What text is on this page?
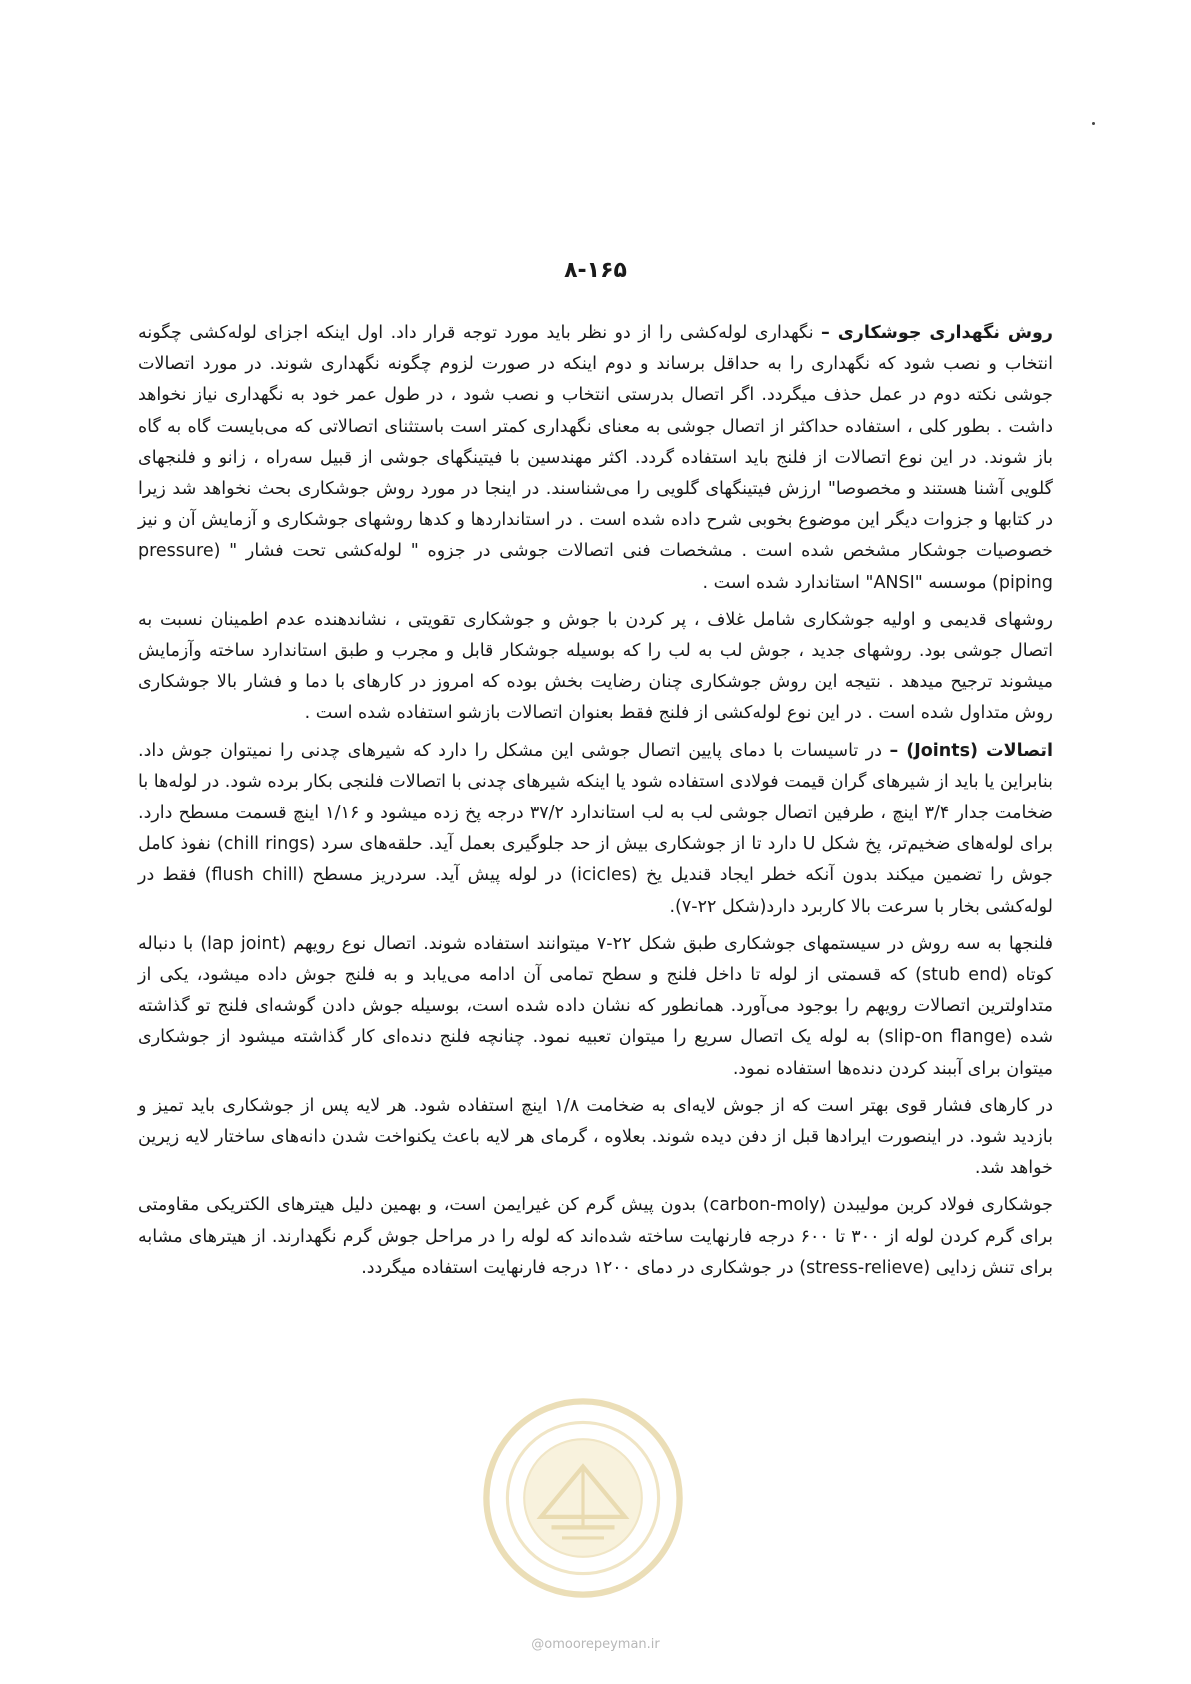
۸-۱۶۵

روش نگهداری جوشکاری – نگهداری لوله‌کشی را از دو نظر باید مورد توجه قرار داد. اول اینکه اجزای لوله‌کشی چگونه انتخاب و نصب شود که نگهداری را به حداقل برساند و دوم اینکه در صورت لزوم چگونه نگهداری شوند. در مورد اتصالات جوشی نکته دوم در عمل حذف میگردد. اگر اتصال بدرستی انتخاب و نصب شود ، در طول عمر خود به نگهداری نیاز نخواهد داشت . بطور کلی ، استفاده حداکثر از اتصال جوشی به معنای نگهداری کمتر است باستثنای اتصالاتی که می‌بایست گاه به گاه باز شوند. در این نوع اتصالات از فلنج باید استفاده گردد. اکثر مهندسین با فیتینگهای جوشی از قبیل سه‌راه ، زانو و فلنجهای گلویی آشنا هستند و مخصوصا" ارزش فیتینگهای گلویی را می‌شناسند. در اینجا در مورد روش جوشکاری بحث نخواهد شد زیرا در کتابها و جزوات دیگر این موضوع بخوبی شرح داده شده است . در استانداردها و کدها روشهای جوشکاری و آزمایش آن و نیز خصوصیات جوشکار مشخص شده است . مشخصات فنی اتصالات جوشی در جزوه " لوله‌کشی تحت فشار " (pressure piping) موسسه "ANSI" استاندارد شده است .

روشهای قدیمی و اولیه جوشکاری شامل غلاف ، پر کردن با جوش و جوشکاری تقویتی ، نشاندهنده عدم اطمینان نسبت به اتصال جوشی بود. روشهای جدید ، جوش لب به لب را که بوسیله جوشکار قابل و مجرب و طبق استاندارد ساخته وآزمایش میشوند ترجیح میدهد . نتیجه این روش جوشکاری چنان رضایت بخش بوده که امروز در کارهای با دما و فشار بالا جوشکاری روش متداول شده است . در این نوع لوله‌کشی از فلنج فقط بعنوان اتصالات بازشو استفاده شده است .

اتصالات (Joints) – در تاسیسات با دمای پایین اتصال جوشی این مشکل را دارد که شیرهای چدنی را نمیتوان جوش داد. بنابراین یا باید از شیرهای گران قیمت فولادی استفاده شود یا اینکه شیرهای چدنی با اتصالات فلنجی بکار برده شود. در لوله‌ها با ضخامت جدار ۳/۴ اینچ ، طرفین اتصال جوشی لب به لب استاندارد ۳۷/۲ درجه پخ زده میشود و ۱/۱۶ اینچ قسمت مسطح دارد. برای لوله‌های ضخیم‌تر، پخ شکل U دارد تا از جوشکاری بیش از حد جلوگیری بعمل آید. حلقه‌های سرد (chill rings) نفوذ کامل جوش را تضمین میکند بدون آنکه خطر ایجاد قندیل یخ (icicles) در لوله پیش آید. سردریز مسطح (flush chill) فقط در لوله‌کشی بخار با سرعت بالا کاربرد دارد(شکل ۲۲-۷).

فلنجها به سه روش در سیستمهای جوشکاری طبق شکل ۲۲-۷ میتوانند استفاده شوند. اتصال نوع رویهم (lap joint) با دنباله کوتاه (stub end) که قسمتی از لوله تا داخل فلنج و سطح تمامی آن ادامه می‌یابد و به فلنج جوش داده میشود، یکی از متداولترین اتصالات رویهم را بوجود می‌آورد. همانطور که نشان داده شده است، بوسیله جوش دادن گوشه‌ای فلنج تو گذاشته شده (slip-on flange) به لوله یک اتصال سریع را میتوان تعبیه نمود. چنانچه فلنج دنده‌ای کار گذاشته میشود از جوشکاری میتوان برای آببند کردن دنده‌ها استفاده نمود.

در کارهای فشار قوی بهتر است که از جوش لایه‌ای به ضخامت ۱/۸ اینچ استفاده شود. هر لایه پس از جوشکاری باید تمیز و بازدید شود. در اینصورت ایرادها قبل از دفن دیده شوند. بعلاوه ، گرمای هر لایه باعث یکنواخت شدن دانه‌های ساختار لایه زیرین خواهد شد.

جوشکاری فولاد کربن مولیبدن (carbon-moly) بدون پیش گرم کن غیرایمن است، و بهمین دلیل هیترهای الکتریکی مقاومتی برای گرم کردن لوله از ۳۰۰ تا ۶۰۰ درجه فارنهایت ساخته شده‌اند که لوله را در مراحل جوش گرم نگهدارند. از هیترهای مشابه برای تنش زدایی (stress-relieve) در جوشکاری در دمای ۱۲۰۰ درجه فارنهایت استفاده میگردد.

@omoorepeyman.ir
